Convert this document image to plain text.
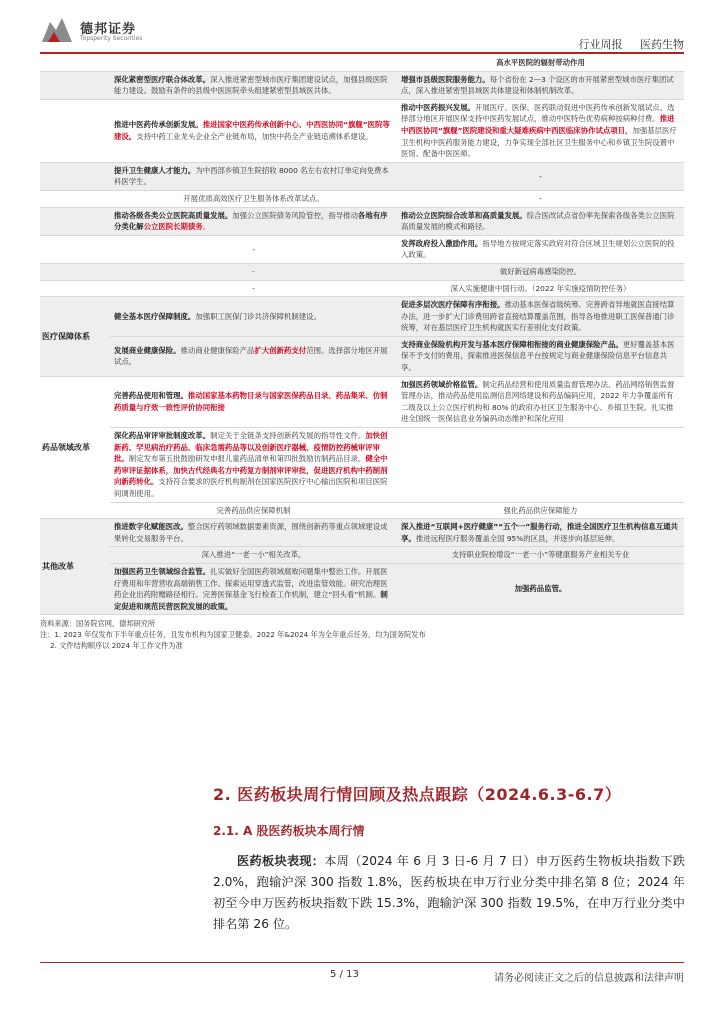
德邦证券
Topsperity Securities	行业周报 医药生物
		高水平医院的辐射带动作用
	深化紧密型医疗联合体改革。深入推进紧密型城市医疗集团建设试点，加强县级医院能力建设。鼓励有条件的县级中医医院牵头组建紧密型县域医共体。	增强市县级医院服务能力。每个省份在 2—3 个设区的市开展紧密型城市医疗集团试点，深入推进紧密型县域医共体建设和体制机制改革。
	推进中医药传承创新发展。推进国家中医药传承创新中心、中西医协同“旗舰”医院等建设。支持中药工业龙头企业全产业链布局，加快中药全产业链追溯体系建设。	推动中医药振兴发展。开展医疗、医保、医药联动促进中医药传承创新发展试点。选择部分地区开展医保支持中医药发展试点，推动中医特色优势病种按病种付费。推进中西医协同“旗舰”医院建设和重大疑难疾病中西医临床协作试点项目，加强基层医疗卫生机构中医药服务能力建设，力争实现全部社区卫生服务中心和乡镇卫生院设置中医馆、配备中医医师。
	提升卫生健康人才能力。为中西部乡镇卫生院招收 8000 名左右农村订单定向免费本科医学生。	-
	开展优质高效医疗卫生服务体系改革试点。	-
	推动各级各类公立医院高质量发展。加强公立医院债务风险管控，指导推动各地有序分类化解公立医院长期债务。	推动公立医院综合改革和高质量发展。综合医改试点省份率先探索各级各类公立医院高质量发展的模式和路径。
	-	发挥政府投入激励作用。指导地方按规定落实政府对符合区域卫生规划公立医院的投入政策。
	-	做好新冠病毒感染防控。
	-	深入实施健康中国行动。（2022 年实施疫情防控任务）
医疗保障体系	健全基本医疗保障制度。加强职工医保门诊共济保障机制建设。	促进多层次医疗保障有序衔接。推动基本医保省级统筹。完善跨省异地就医直接结算办法，进一步扩大门诊费用跨省直接结算覆盖范围，指导各地推进职工医保普通门诊统筹，对在基层医疗卫生机构就医实行差别化支付政策。
	发展商业健康保险。推动商业健康保险产品扩大创新药支付范围。选择部分地区开展试点。	支持商业保险机构开发与基本医疗保障相衔接的商业健康保险产品。更好覆盖基本医保不予支付的费用，探索推进医保信息平台按规定与商业健康保险信息平台信息共享。
药品领域改革	完善药品使用和管理。推动国家基本药物目录与国家医保药品目录、药品集采、仿制药质量与疗效一致性评价协同衔接	加强医药领域价格监管。制定药品经营和使用质量监督管理办法、药品网络销售监督管理办法，推动药品使用监测信息网络建设和药品编码应用，2022 年力争覆盖所有二级及以上公立医疗机构和 80% 的政府办社区卫生服务中心、乡镇卫生院。扎实推进全国统一医保信息业务编码动态维护和深化应用
	深化药品审评审批制度改革。制定关于全链条支持创新药发展的指导性文件。加快创新药、罕见病治疗药品、临床急需药品等以及创新医疗器械、疫情防控药械审评审批。制定发布第五批鼓励研发申报儿童药品清单和第四批鼓励仿制药品目录。健全中药审评证据体系，加快古代经典名方中药复方制剂审评审批，促进医疗机构中药制剂向新药转化。支持符合要求的医疗机构制剂在国家医院医疗中心输出医院和项目医院间调剂使用。	
	完善药品供应保障机制	强化药品供应保障能力
其他改革	推进数字化赋能医改。整合医疗药领域数据要素资源，围绕创新药等重点领域建设成果转化交易服务平台。	深入推进“互联网+医疗健康”“五个一”服务行动，推进全国医疗卫生机构信息互通共享。推进远程医疗服务覆盖全国 95%的区县，并逐步向基层延伸。
	深入推进“一老一小”相关改革。	支持职业院校增设“一老一小”等健康服务产业相关专业
	加强医药卫生领域综合监管。扎实做好全国医药领域腐败问题集中整治工作。开展医疗费用和年营营收高端销售工作。探索运用穿透式监管，改进监管效能。研究治理医药企业出药附赠路径相行。完善医保基金飞行检查工作机制，建立“回头看”机制。制定促进和规范民营医院发展的政策。	加强药品监管。
资料来源：国务院官网，德邦研究所
注：1. 2023 年仅发布下半年重点任务，且发布机构为国家卫健委。2022 年&2024 年为全年重点任务，均为国务院发布
2. 文件结构顺序以 2024 年工作文件为准
2. 医药板块周行情回顾及热点跟踪（2024.6.3-6.7）
2.1. A 股医药板块本周行情
医药板块表现：本周（2024 年 6 月 3 日-6 月 7 日）申万医药生物板块指数下跌 2.0%，跑输沪深 300 指数 1.8%，医药板块在申万行业分类中排名第 8 位；2024 年初至今申万医药板块指数下跌 15.3%，跑输沪深 300 指数 19.5%，在申万行业分类中排名第 26 位。
5 / 13	请务必阅读正文之后的信息披露和法律声明
